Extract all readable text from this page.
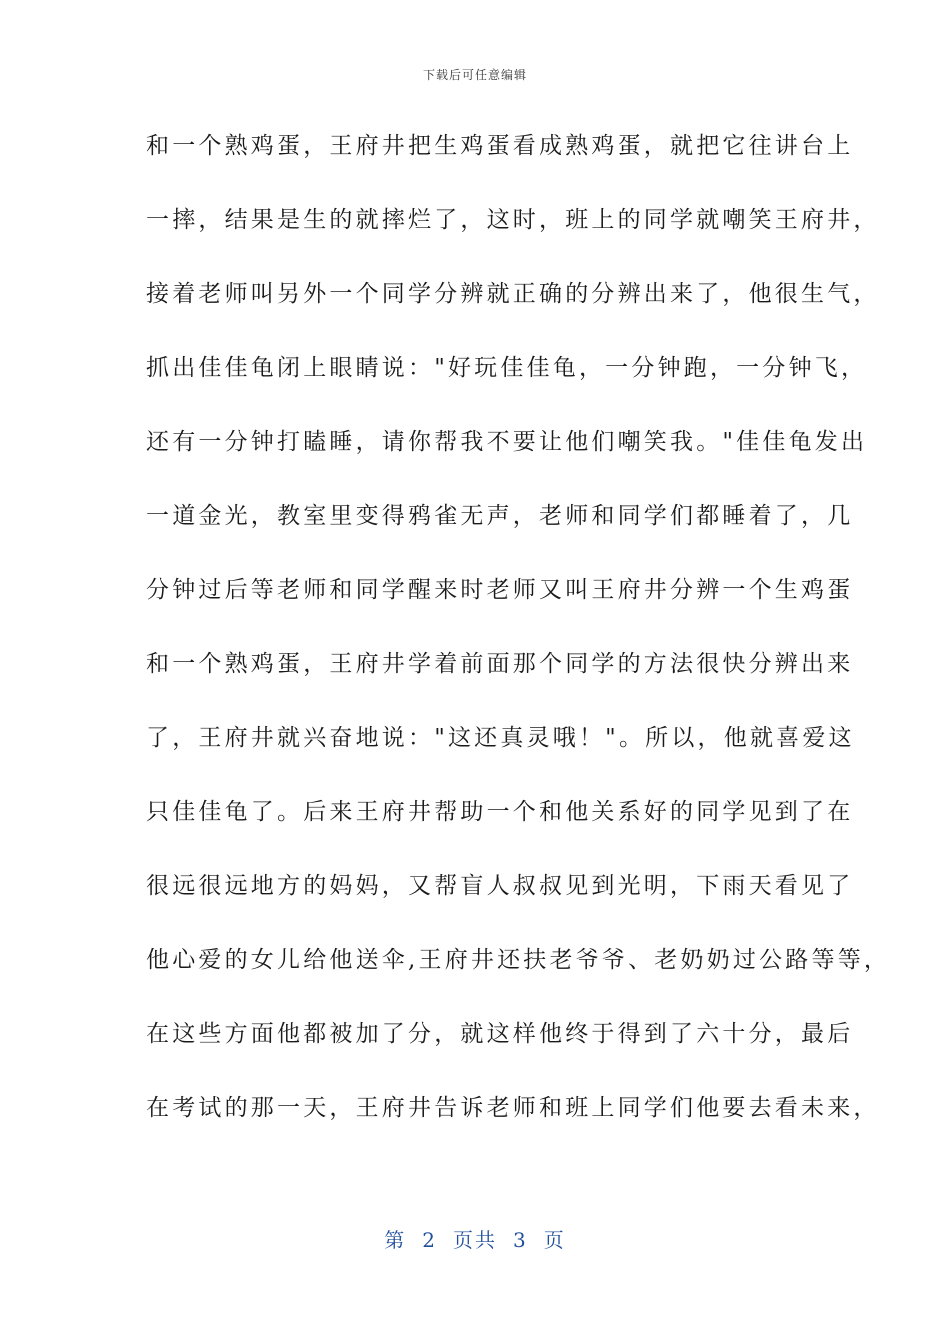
下载后可任意编辑
和一个熟鸡蛋，王府井把生鸡蛋看成熟鸡蛋，就把它往讲台上
一摔，结果是生的就摔烂了，这时，班上的同学就嘲笑王府井，
接着老师叫另外一个同学分辨就正确的分辨出来了，他很生气，
抓出佳佳龟闭上眼睛说："好玩佳佳龟，一分钟跑，一分钟飞，
还有一分钟打瞌睡，请你帮我不要让他们嘲笑我。"佳佳龟发出
一道金光，教室里变得鸦雀无声，老师和同学们都睡着了，几
分钟过后等老师和同学醒来时老师又叫王府井分辨一个生鸡蛋
和一个熟鸡蛋，王府井学着前面那个同学的方法很快分辨出来
了，王府井就兴奋地说："这还真灵哦！"。所以，他就喜爱这
只佳佳龟了。后来王府井帮助一个和他关系好的同学见到了在
很远很远地方的妈妈，又帮盲人叔叔见到光明，下雨天看见了
他心爱的女儿给他送伞,王府井还扶老爷爷、老奶奶过公路等等，
在这些方面他都被加了分，就这样他终于得到了六十分，最后
在考试的那一天，王府井告诉老师和班上同学们他要去看未来，
第 2 页共 3 页
